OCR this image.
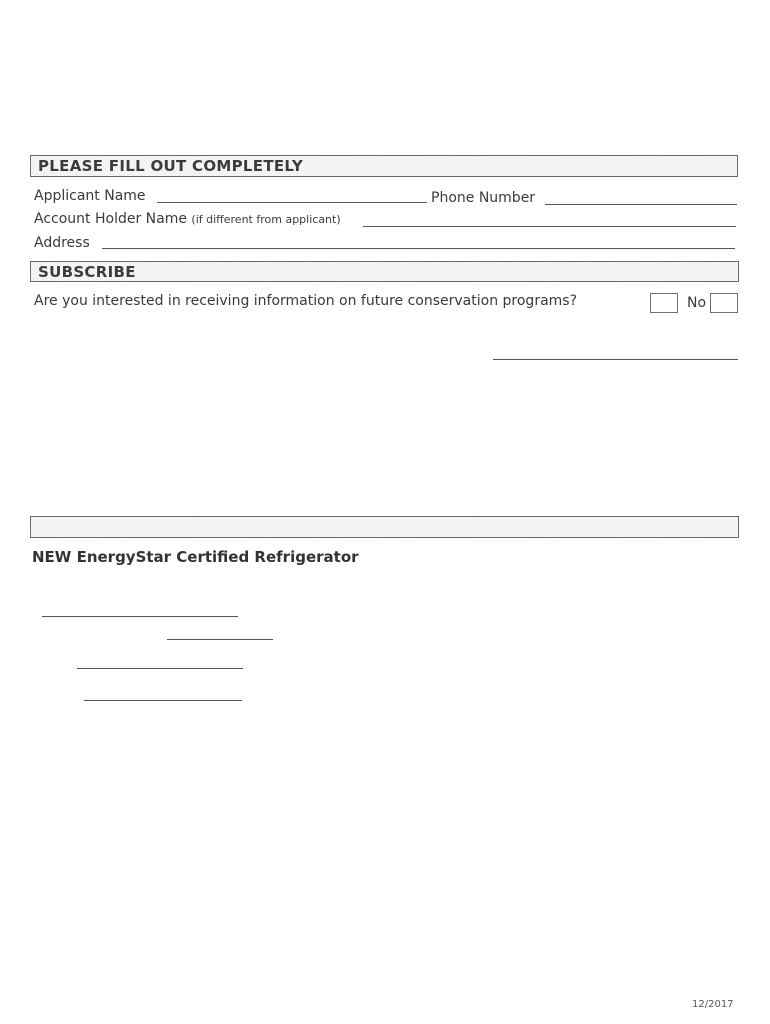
PLEASE FILL OUT COMPLETELY
Applicant Name	Phone Number
Account Holder Name (if different from applicant)
Address
SUBSCRIBE
Are you interested in receiving information on future conservation programs?	No
NEW EnergyStar Certified Refrigerator
12/2017
